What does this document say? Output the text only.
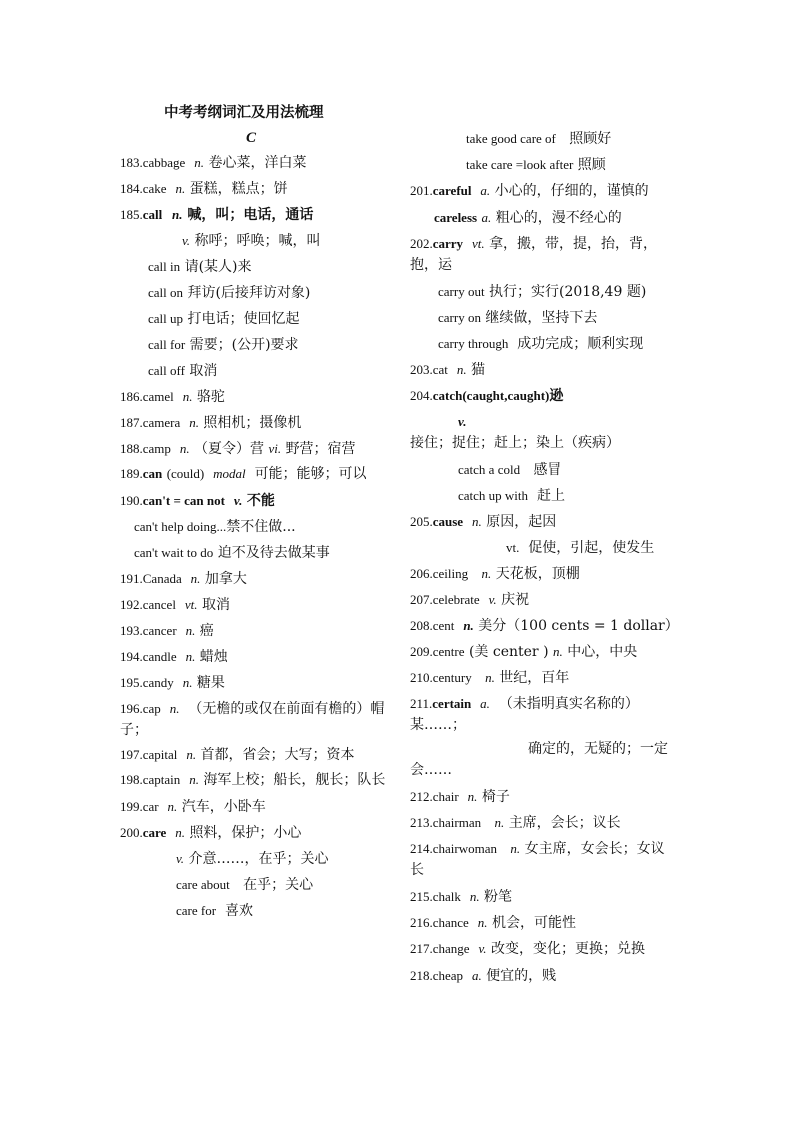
中考考纲词汇及用法梳理
C
183.cabbage n. 卷心菜，洋白菜
184.cake n. 蛋糕，糕点；饼
185.call n. 喊，叫；电话，通话
v. 称呼；呼唤；喊，叫
call in 请(某人)来
call on 拜访(后接拜访对象)
call up 打电话；使回忆起
call for 需要；(公开)要求
call off 取消
186.camel n. 骆驼
187.camera n. 照相机；摄像机
188.camp n. （夏令）营 vi. 野营；宿营
189.can (could) modal 可能；能够；可以
190.can't = can not v. 不能
can't help doing...禁不住做...
can't wait to do 迫不及待去做某事
191.Canada n. 加拿大
192.cancel vt. 取消
193.cancer n. 癌
194.candle n. 蜡烛
195.candy n. 糖果
196.cap n. （无檐的或仅在前面有檐的）帽子；
197.capital n. 首都，省会；大写；资本
198.captain n. 海军上校；船长，舰长；队长
199.car n. 汽车，小卧车
200.care n. 照料，保护；小心
v. 介意……，在乎；关心
care about 在乎；关心
care for 喜欢
take good care of 照顾好
take care =look after 照顾
201.careful a. 小心的，仔细的，谨慎的
careless a. 粗心的，漫不经心的
202.carry vt. 拿，搬，带，提，抬，背，抱，运
carry out 执行；实行(2018,49 题)
carry on 继续做，坚持下去
carry through 成功完成；顺利实现
203.cat n. 猫
204.catch(caught,caught)逊
v. 接住；捉住；赶上；染上（疾病）
catch a cold 感冒
catch up with 赶上
205.cause n. 原因，起因
vt. 促使，引起，使发生
206.ceiling n. 天花板，顶棚
207.celebrate v. 庆祝
208.cent n. 美分（100 cents = 1 dollar）
209.centre (美 center ) n. 中心，中央
210.century n. 世纪，百年
211.certain a. （未指明真实名称的）某……；
确定的，无疑的；一定会……
212.chair n. 椅子
213.chairman n. 主席，会长；议长
214.chairwoman n. 女主席，女会长；女议长
215.chalk n. 粉笔
216.chance n. 机会，可能性
217.change v. 改变，变化；更换；兑换
218.cheap a. 便宜的，贱
